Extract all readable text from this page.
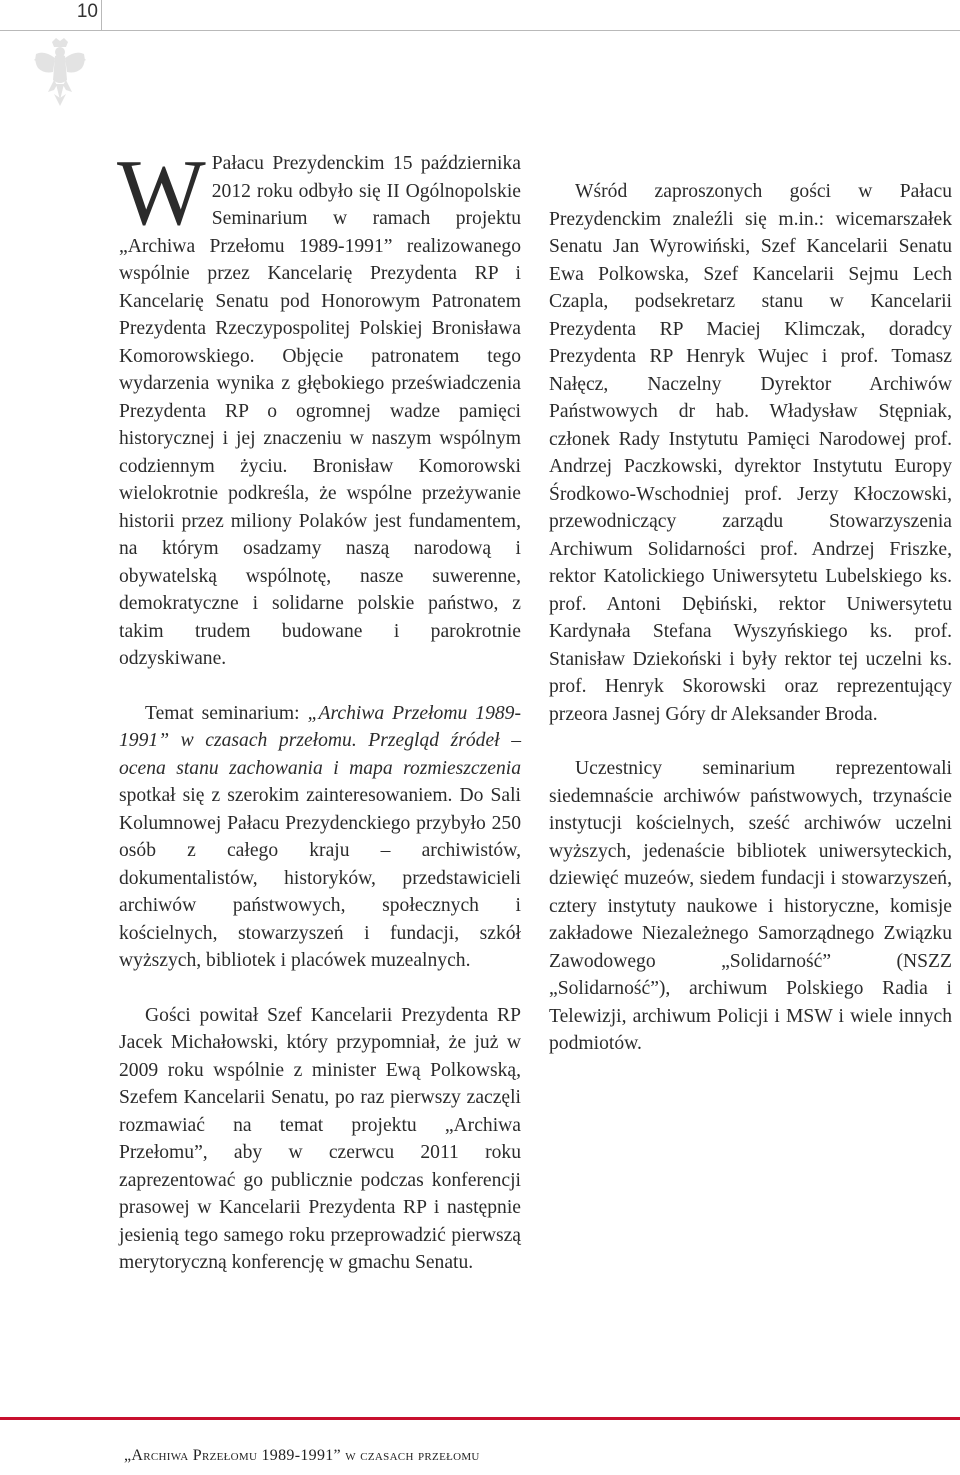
10

W Pałacu Prezydenckim 15 października 2012 roku odbyło się II Ogólnopolskie Seminarium w ramach projektu „Archiwa Przełomu 1989-1991” realizowanego wspólnie przez Kancelarię Prezydenta RP i Kancelarię Senatu pod Honorowym Patronatem Prezydenta Rzeczypospolitej Polskiej Bronisława Komorowskiego. Objęcie patronatem tego wydarzenia wynika z głębokiego przeświadczenia Prezydenta RP o ogromnej wadze pamięci historycznej i jej znaczeniu w naszym wspólnym codziennym życiu. Bronisław Komorowski wielokrotnie podkreśla, że wspólne przeżywanie historii przez miliony Polaków jest fundamentem, na którym osadzamy naszą narodową i obywatelską wspólnotę, nasze suwerenne, demokratyczne i solidarne polskie państwo, z takim trudem budowane i parokrotnie odzyskiwane.

Temat seminarium: „Archiwa Przełomu 1989-1991” w czasach przełomu. Przegląd źródeł – ocena stanu zachowania i mapa rozmieszczenia spotkał się z szerokim zainteresowaniem. Do Sali Kolumnowej Pałacu Prezydenckiego przybyło 250 osób z całego kraju – archiwistów, dokumentalistów, historyków, przedstawicieli archiwów państwowych, społecznych i kościelnych, stowarzyszeń i fundacji, szkół wyższych, bibliotek i placówek muzealnych.

Gości powitał Szef Kancelarii Prezydenta RP Jacek Michałowski, który przypomniał, że już w 2009 roku wspólnie z minister Ewą Polkowską, Szefem Kancelarii Senatu, po raz pierwszy zaczęli rozmawiać na temat projektu „Archiwa Przełomu”, aby w czerwcu 2011 roku zaprezentować go publicznie podczas konferencji prasowej w Kancelarii Prezydenta RP i następnie jesienią tego samego roku przeprowadzić pierwszą merytoryczną konferencję w gmachu Senatu.

Wśród zaproszonych gości w Pałacu Prezydenckim znaleźli się m.in.: wicemarszałek Senatu Jan Wyrowiński, Szef Kancelarii Senatu Ewa Polkowska, Szef Kancelarii Sejmu Lech Czapla, podsekretarz stanu w Kancelarii Prezydenta RP Maciej Klimczak, doradcy Prezydenta RP Henryk Wujec i prof. Tomasz Nałęcz, Naczelny Dyrektor Archiwów Państwowych dr hab. Władysław Stępniak, członek Rady Instytutu Pamięci Narodowej prof. Andrzej Paczkowski, dyrektor Instytutu Europy Środkowo-Wschodniej prof. Jerzy Kłoczowski, przewodniczący zarządu Stowarzyszenia Archiwum Solidarności prof. Andrzej Friszke, rektor Katolickiego Uniwersytetu Lubelskiego ks. prof. Antoni Dębiński, rektor Uniwersytetu Kardynała Stefana Wyszyńskiego ks. prof. Stanisław Dziekoński i były rektor tej uczelni ks. prof. Henryk Skorowski oraz reprezentujący przeora Jasnej Góry dr Aleksander Broda.

Uczestnicy seminarium reprezentowali siedemnaście archiwów państwowych, trzynaście instytucji kościelnych, sześć archiwów uczelni wyższych, jedenaście bibliotek uniwersyteckich, dziewięć muzeów, siedem fundacji i stowarzyszeń, cztery instytuty naukowe i historyczne, komisje zakładowe Niezależnego Samorządnego Związku Zawodowego „Solidarność” (NSZZ „Solidarność”), archiwum Polskiego Radia i Telewizji, archiwum Policji i MSW i wiele innych podmiotów.

„Archiwa Przełomu 1989-1991” w czasach przełomu
